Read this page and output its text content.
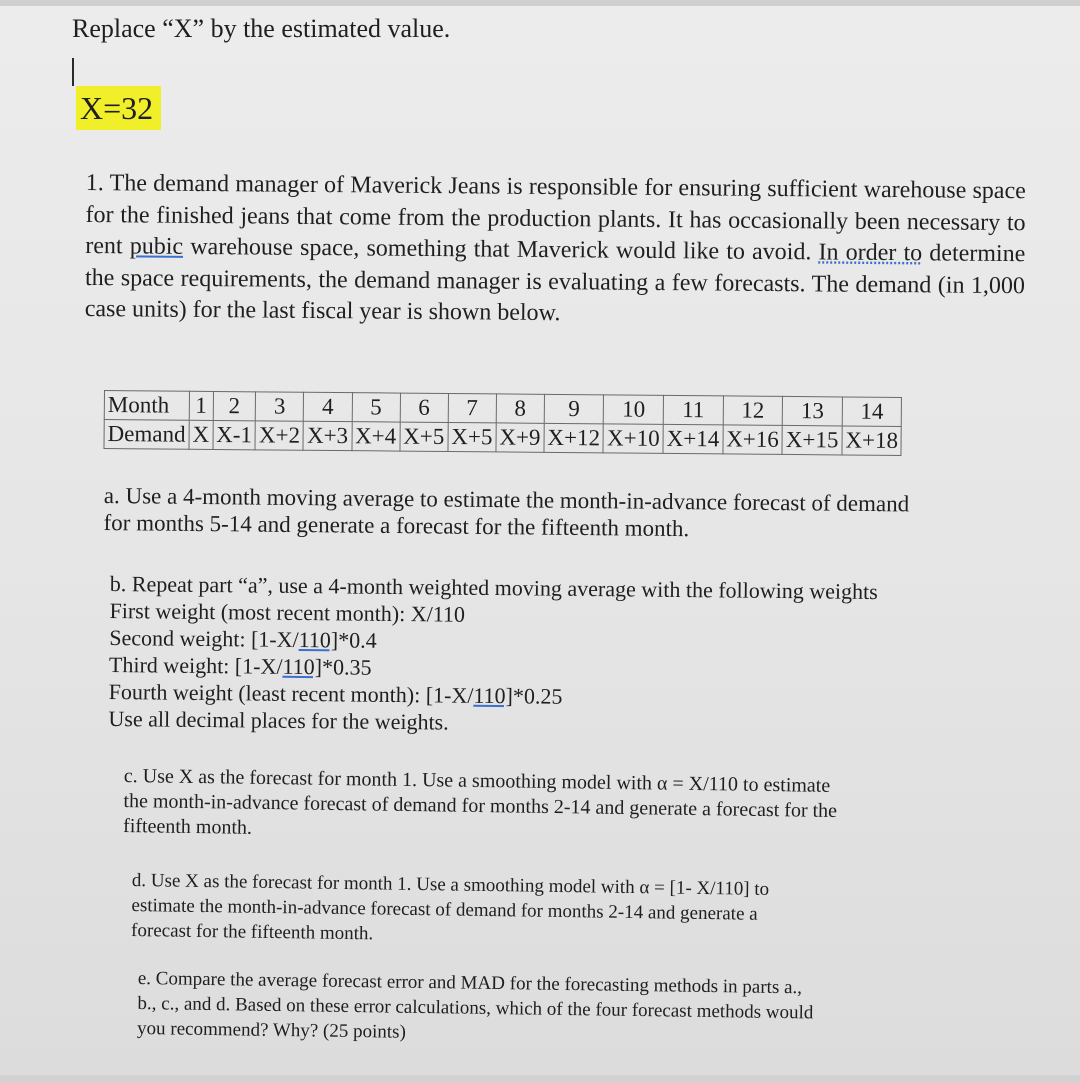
Replace “X” by the estimated value.
X=32
1. The demand manager of Maverick Jeans is responsible for ensuring sufficient warehouse space for the finished jeans that come from the production plants. It has occasionally been necessary to rent pubic warehouse space, something that Maverick would like to avoid. In order to determine the space requirements, the demand manager is evaluating a few forecasts. The demand (in 1,000 case units) for the last fiscal year is shown below.
Month	1	2	3	4	5	6	7	8	9	10	11	12	13	14
Demand	X	X-1	X+2	X+3	X+4	X+5	X+5	X+9	X+12	X+10	X+14	X+16	X+15	X+18
a. Use a 4-month moving average to estimate the month-in-advance forecast of demand
for months 5-14 and generate a forecast for the fifteenth month.
b. Repeat part “a”, use a 4-month weighted moving average with the following weights
First weight (most recent month): X/110
Second weight: [1-X/110]*0.4
Third weight: [1-X/110]*0.35
Fourth weight (least recent month): [1-X/110]*0.25
Use all decimal places for the weights.
c. Use X as the forecast for month 1. Use a smoothing model with α = X/110 to estimate
the month-in-advance forecast of demand for months 2-14 and generate a forecast for the
fifteenth month.
d. Use X as the forecast for month 1. Use a smoothing model with α = [1- X/110] to
estimate the month-in-advance forecast of demand for months 2-14 and generate a
forecast for the fifteenth month.
e. Compare the average forecast error and MAD for the forecasting methods in parts a.,
b., c., and d. Based on these error calculations, which of the four forecast methods would
you recommend? Why? (25 points)
